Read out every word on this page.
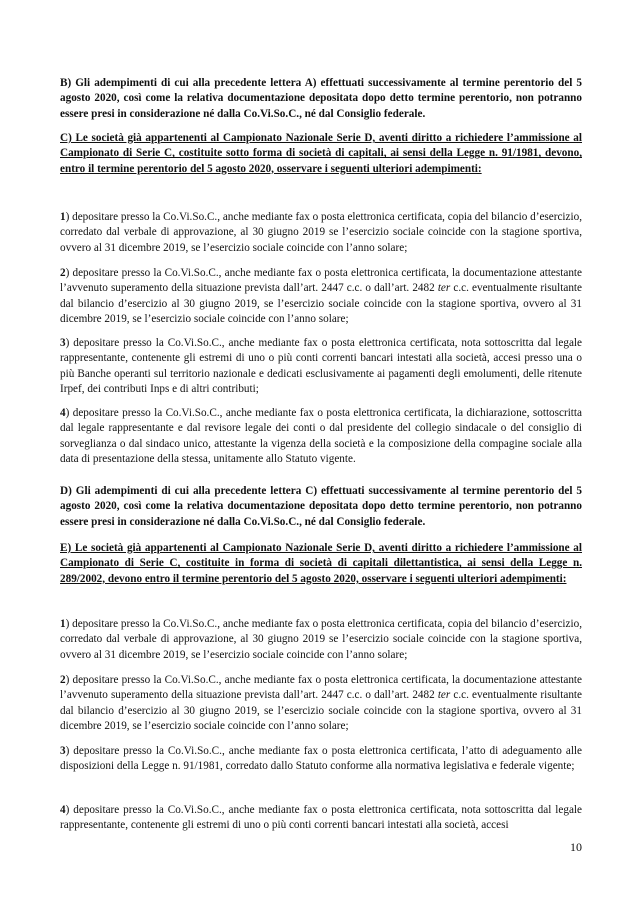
B) Gli adempimenti di cui alla precedente lettera A) effettuati successivamente al termine perentorio del 5 agosto 2020, così come la relativa documentazione depositata dopo detto termine perentorio, non potranno essere presi in considerazione né dalla Co.Vi.So.C., né dal Consiglio federale.

C) Le società già appartenenti al Campionato Nazionale Serie D, aventi diritto a richiedere l’ammissione al Campionato di Serie C, costituite sotto forma di società di capitali, ai sensi della Legge n. 91/1981, devono, entro il termine perentorio del 5 agosto 2020, osservare i seguenti ulteriori adempimenti:

1) depositare presso la Co.Vi.So.C., anche mediante fax o posta elettronica certificata, copia del bilancio d’esercizio, corredato dal verbale di approvazione, al 30 giugno 2019 se l’esercizio sociale coincide con la stagione sportiva, ovvero al 31 dicembre 2019, se l’esercizio sociale coincide con l’anno solare;

2) depositare presso la Co.Vi.So.C., anche mediante fax o posta elettronica certificata, la documentazione attestante l’avvenuto superamento della situazione prevista dall’art. 2447 c.c. o dall’art. 2482 ter c.c. eventualmente risultante dal bilancio d’esercizio al 30 giugno 2019, se l’esercizio sociale coincide con la stagione sportiva, ovvero al 31 dicembre 2019, se l’esercizio sociale coincide con l’anno solare;

3) depositare presso la Co.Vi.So.C., anche mediante fax o posta elettronica certificata, nota sottoscritta dal legale rappresentante, contenente gli estremi di uno o più conti correnti bancari intestati alla società, accesi presso una o più Banche operanti sul territorio nazionale e dedicati esclusivamente ai pagamenti degli emolumenti, delle ritenute Irpef, dei contributi Inps e di altri contributi;

4) depositare presso la Co.Vi.So.C., anche mediante fax o posta elettronica certificata, la dichiarazione, sottoscritta dal legale rappresentante e dal revisore legale dei conti o dal presidente del collegio sindacale o del consiglio di sorveglianza o dal sindaco unico, attestante la vigenza della società e la composizione della compagine sociale alla data di presentazione della stessa, unitamente allo Statuto vigente.

D) Gli adempimenti di cui alla precedente lettera C) effettuati successivamente al termine perentorio del 5 agosto 2020, così come la relativa documentazione depositata dopo detto termine perentorio, non potranno essere presi in considerazione né dalla Co.Vi.So.C., né dal Consiglio federale.

E) Le società già appartenenti al Campionato Nazionale Serie D, aventi diritto a richiedere l’ammissione al Campionato di Serie C, costituite in forma di società di capitali dilettantistica, ai sensi della Legge n. 289/2002, devono entro il termine perentorio del 5 agosto 2020, osservare i seguenti ulteriori adempimenti:

1) depositare presso la Co.Vi.So.C., anche mediante fax o posta elettronica certificata, copia del bilancio d’esercizio, corredato dal verbale di approvazione, al 30 giugno 2019 se l’esercizio sociale coincide con la stagione sportiva, ovvero al 31 dicembre 2019, se l’esercizio sociale coincide con l’anno solare;

2) depositare presso la Co.Vi.So.C., anche mediante fax o posta elettronica certificata, la documentazione attestante l’avvenuto superamento della situazione prevista dall’art. 2447 c.c. o dall’art. 2482 ter c.c. eventualmente risultante dal bilancio d’esercizio al 30 giugno 2019, se l’esercizio sociale coincide con la stagione sportiva, ovvero al 31 dicembre 2019, se l’esercizio sociale coincide con l’anno solare;

3) depositare presso la Co.Vi.So.C., anche mediante fax o posta elettronica certificata, l’atto di adeguamento alle disposizioni della Legge n. 91/1981, corredato dallo Statuto conforme alla normativa legislativa e federale vigente;

4) depositare presso la Co.Vi.So.C., anche mediante fax o posta elettronica certificata, nota sottoscritta dal legale rappresentante, contenente gli estremi di uno o più conti correnti bancari intestati alla società, accesi

10
